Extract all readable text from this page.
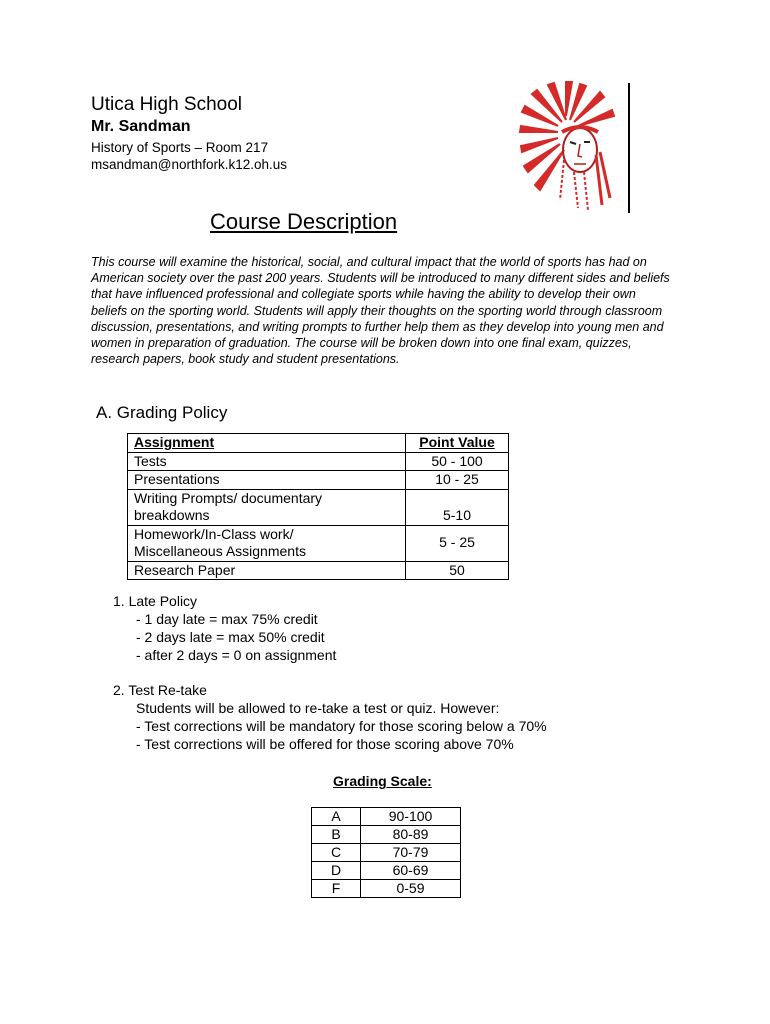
Utica High School
Mr. Sandman
History of Sports – Room 217
msandman@northfork.k12.oh.us
Course Description
This course will examine the historical, social, and cultural impact that the world of sports has had on American society over the past 200 years. Students will be introduced to many different sides and beliefs that have influenced professional and collegiate sports while having the ability to develop their own beliefs on the sporting world. Students will apply their thoughts on the sporting world through classroom discussion, presentations, and writing prompts to further help them as they develop into young men and women in preparation of graduation. The course will be broken down into one final exam, quizzes, research papers, book study and student presentations.
A. Grading Policy
Assignment	Point Value
Tests	50 - 100
Presentations	10 - 25
Writing Prompts/ documentary
breakdowns	5-10
Homework/In-Class work/
Miscellaneous Assignments	5 - 25
Research Paper	50
1. Late Policy
- 1 day late = max 75% credit
- 2 days late = max 50% credit
- after 2 days = 0 on assignment
2. Test Re-take
Students will be allowed to re-take a test or quiz. However:
- Test corrections will be mandatory for those scoring below a 70%
- Test corrections will be offered for those scoring above 70%
Grading Scale:
A	90-100
B	80-89
C	70-79
D	60-69
F	0-59
